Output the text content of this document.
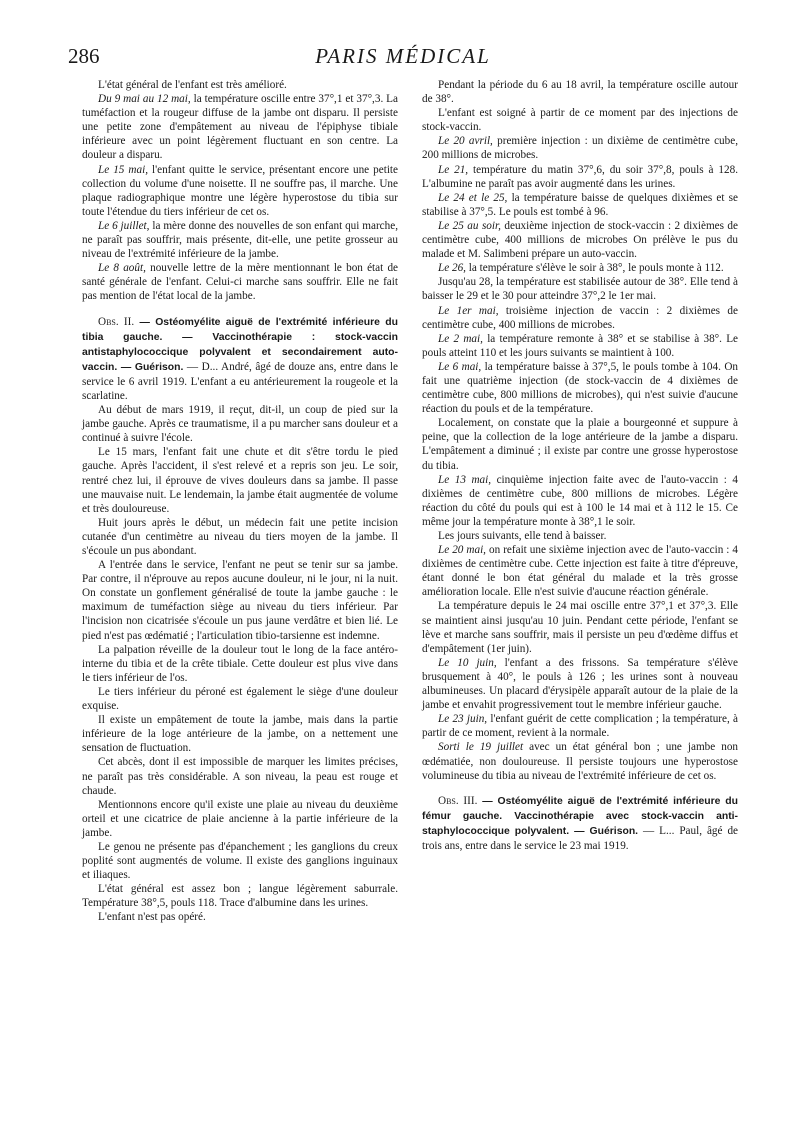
286	PARIS MÉDICAL

L'état général de l'enfant est très amélioré.

Du 9 mai au 12 mai, la température oscille entre 37°,1 et 37°,3. La tuméfaction et la rougeur diffuse de la jambe ont disparu. Il persiste une petite zone d'empâtement au niveau de l'épiphyse tibiale inférieure avec un point légèrement fluctuant en son centre. La douleur a disparu.

Le 15 mai, l'enfant quitte le service, présentant encore une petite collection du volume d'une noisette. Il ne souffre pas, il marche. Une plaque radiographique montre une légère hyperostose du tibia sur toute l'étendue du tiers inférieur de cet os.

Le 6 juillet, la mère donne des nouvelles de son enfant qui marche, ne paraît pas souffrir, mais présente, dit-elle, une petite grosseur au niveau de l'extrémité inférieure de la jambe.

Le 8 août, nouvelle lettre de la mère mentionnant le bon état de santé générale de l'enfant. Celui-ci marche sans souffrir. Elle ne fait pas mention de l'état local de la jambe.

Obs. II. — Ostéomyélite aiguë de l'extrémité inférieure du tibia gauche. — Vaccinothérapie : stock-vaccin antistaphylococcique polyvalent et secondairement auto-vaccin. — Guérison. — D... André, âgé de douze ans, entre dans le service le 6 avril 1919. L'enfant a eu antérieurement la rougeole et la scarlatine.

Au début de mars 1919, il reçut, dit-il, un coup de pied sur la jambe gauche. Après ce traumatisme, il a pu marcher sans douleur et a continué à suivre l'école.

Le 15 mars, l'enfant fait une chute et dit s'être tordu le pied gauche. Après l'accident, il s'est relevé et a repris son jeu. Le soir, rentré chez lui, il éprouve de vives douleurs dans sa jambe. Il passe une mauvaise nuit. Le lendemain, la jambe était augmentée de volume et très douloureuse.

Huit jours après le début, un médecin fait une petite incision cutanée d'un centimètre au niveau du tiers moyen de la jambe. Il s'écoule un pus abondant.

A l'entrée dans le service, l'enfant ne peut se tenir sur sa jambe. Par contre, il n'éprouve au repos aucune douleur, ni le jour, ni la nuit. On constate un gonflement généralisé de toute la jambe gauche : le maximum de tuméfaction siège au niveau du tiers inférieur. Par l'incision non cicatrisée s'écoule un pus jaune verdâtre et bien lié. Le pied n'est pas œdématié ; l'articulation tibio-tarsienne est indemne.

La palpation réveille de la douleur tout le long de la face antéro-interne du tibia et de la crête tibiale. Cette douleur est plus vive dans le tiers inférieur de l'os.

Le tiers inférieur du péroné est également le siège d'une douleur exquise.

Il existe un empâtement de toute la jambe, mais dans la partie inférieure de la loge antérieure de la jambe, on a nettement une sensation de fluctuation.

Cet abcès, dont il est impossible de marquer les limites précises, ne paraît pas très considérable. A son niveau, la peau est rouge et chaude.

Mentionnons encore qu'il existe une plaie au niveau du deuxième orteil et une cicatrice de plaie ancienne à la partie inférieure de la jambe.

Le genou ne présente pas d'épanchement ; les ganglions du creux poplité sont augmentés de volume. Il existe des ganglions inguinaux et iliaques.

L'état général est assez bon ; langue légèrement saburrale. Température 38°,5, pouls 118. Trace d'albumine dans les urines.

L'enfant n'est pas opéré.

Pendant la période du 6 au 18 avril, la température oscille autour de 38°.

L'enfant est soigné à partir de ce moment par des injections de stock-vaccin.

Le 20 avril, première injection : un dixième de centimètre cube, 200 millions de microbes.

Le 21, température du matin 37°,6, du soir 37°,8, pouls à 128. L'albumine ne paraît pas avoir augmenté dans les urines.

Le 24 et le 25, la température baisse de quelques dixièmes et se stabilise à 37°,5. Le pouls est tombé à 96.

Le 25 au soir, deuxième injection de stock-vaccin : 2 dixièmes de centimètre cube, 400 millions de microbes On prélève le pus du malade et M. Salimbeni prépare un auto-vaccin.

Le 26, la température s'élève le soir à 38°, le pouls monte à 112.

Jusqu'au 28, la température est stabilisée autour de 38°. Elle tend à baisser le 29 et le 30 pour atteindre 37°,2 le 1er mai.

Le 1er mai, troisième injection de vaccin : 2 dixièmes de centimètre cube, 400 millions de microbes.

Le 2 mai, la température remonte à 38° et se stabilise à 38°. Le pouls atteint 110 et les jours suivants se maintient à 100.

Le 6 mai, la température baisse à 37°,5, le pouls tombe à 104. On fait une quatrième injection (de stock-vaccin de 4 dixièmes de centimètre cube, 800 millions de microbes), qui n'est suivie d'aucune réaction du pouls et de la température.

Localement, on constate que la plaie a bourgeonné et suppure à peine, que la collection de la loge antérieure de la jambe a disparu. L'empâtement a diminué ; il existe par contre une grosse hyperostose du tibia.

Le 13 mai, cinquième injection faite avec de l'auto-vaccin : 4 dixièmes de centimètre cube, 800 millions de microbes. Légère réaction du côté du pouls qui est à 100 le 14 mai et à 112 le 15. Ce même jour la température monte à 38°,1 le soir.

Les jours suivants, elle tend à baisser.

Le 20 mai, on refait une sixième injection avec de l'auto-vaccin : 4 dixièmes de centimètre cube. Cette injection est faite à titre d'épreuve, étant donné le bon état général du malade et la très grosse amélioration locale. Elle n'est suivie d'aucune réaction générale.

La température depuis le 24 mai oscille entre 37°,1 et 37°,3. Elle se maintient ainsi jusqu'au 10 juin. Pendant cette période, l'enfant se lève et marche sans souffrir, mais il persiste un peu d'œdème diffus et d'empâtement (1er juin).

Le 10 juin, l'enfant a des frissons. Sa température s'élève brusquement à 40°, le pouls à 126 ; les urines sont à nouveau albumineuses. Un placard d'érysipèle apparaît autour de la plaie de la jambe et envahit progressivement tout le membre inférieur gauche.

Le 23 juin, l'enfant guérit de cette complication ; la température, à partir de ce moment, revient à la normale.

Sorti le 19 juillet avec un état général bon ; une jambe non œdématiée, non douloureuse. Il persiste toujours une hyperostose volumineuse du tibia au niveau de l'extrémité inférieure de cet os.

Obs. III. — Ostéomyélite aiguë de l'extrémité inférieure du fémur gauche. Vaccinothérapie avec stock-vaccin anti-staphylococcique polyvalent. — Guérison. — L... Paul, âgé de trois ans, entre dans le service le 23 mai 1919.
